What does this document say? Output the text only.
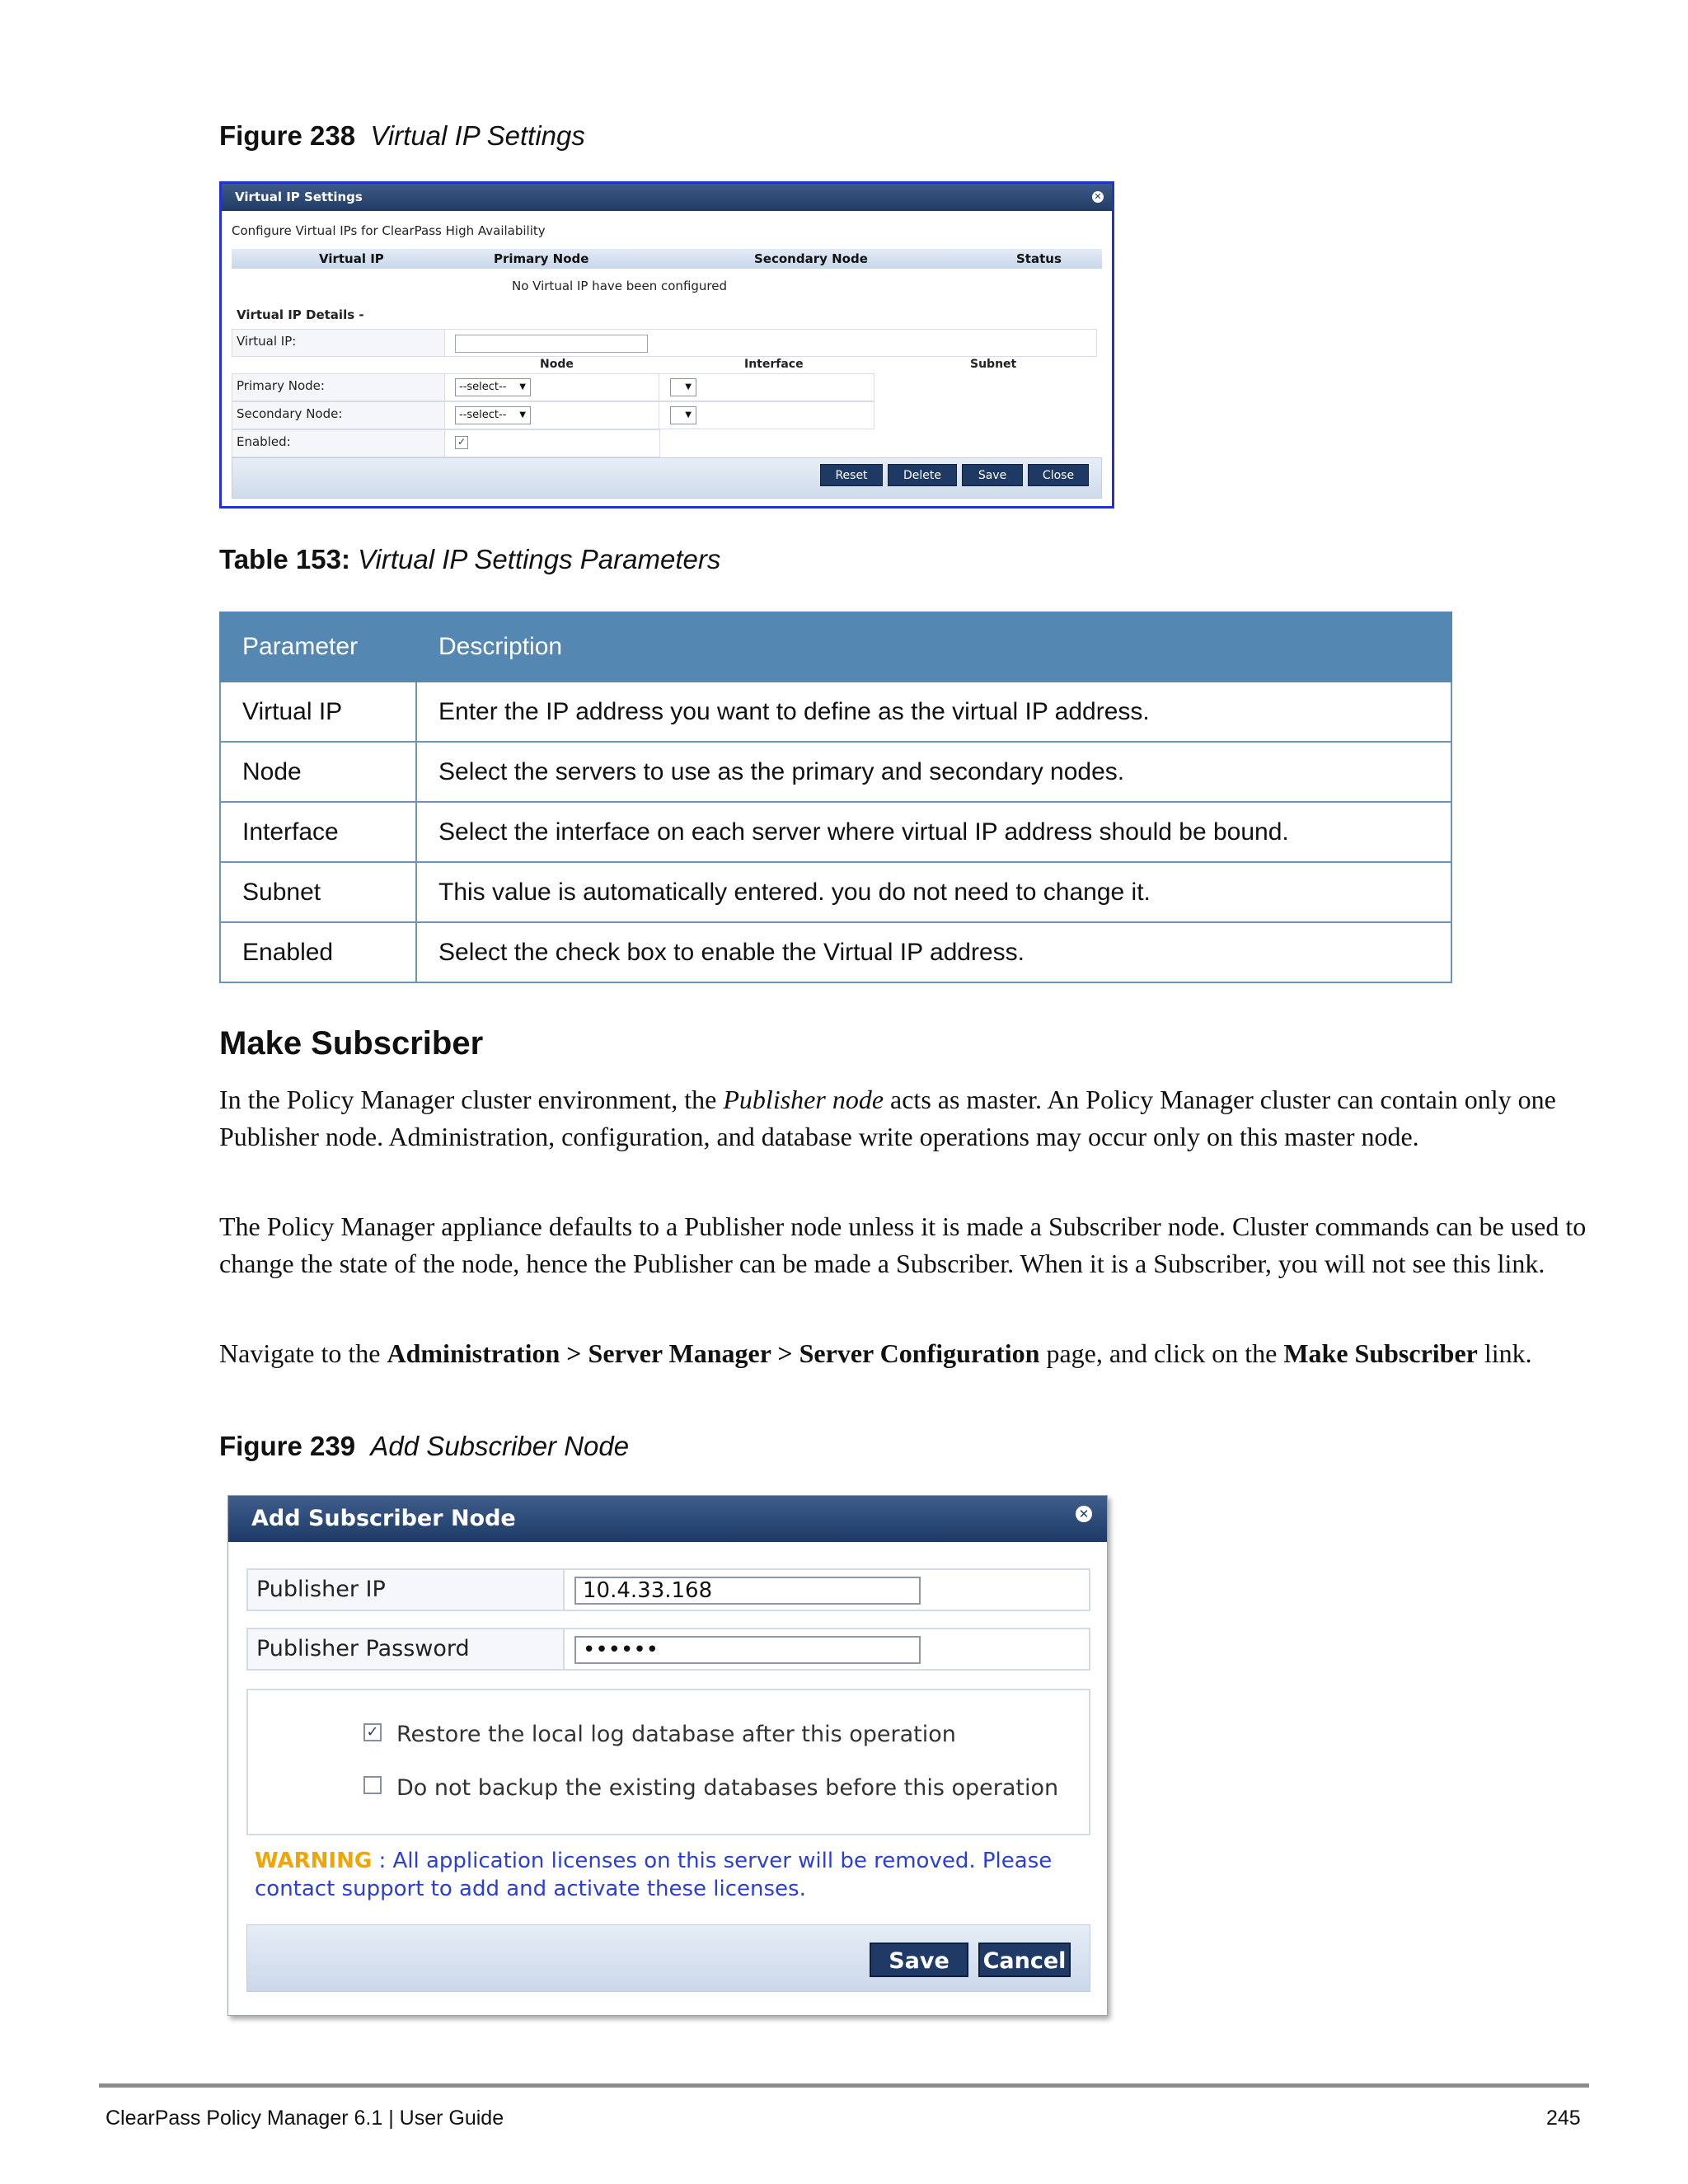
Figure 238 Virtual IP Settings
Virtual IP Settings	✕
Configure Virtual IPs for ClearPass High Availability
Virtual IP	Primary Node	Secondary Node	Status
No Virtual IP have been configured
Virtual IP Details -
Virtual IP:
Node	Interface	Subnet
Primary Node:	--select-- ▼	▼
Secondary Node:	--select-- ▼	▼
Enabled:	✓
Reset	Delete	Save	Close
Table 153: Virtual IP Settings Parameters
Parameter	Description
Virtual IP	Enter the IP address you want to define as the virtual IP address.
Node	Select the servers to use as the primary and secondary nodes.
Interface	Select the interface on each server where virtual IP address should be bound.
Subnet	This value is automatically entered. you do not need to change it.
Enabled	Select the check box to enable the Virtual IP address.
Make Subscriber
In the Policy Manager cluster environment, the Publisher node acts as master. An Policy Manager cluster can contain only one Publisher node. Administration, configuration, and database write operations may occur only on this master node.
The Policy Manager appliance defaults to a Publisher node unless it is made a Subscriber node. Cluster commands can be used to change the state of the node, hence the Publisher can be made a Subscriber. When it is a Subscriber, you will not see this link.
Navigate to the Administration > Server Manager > Server Configuration page, and click on the Make Subscriber link.
Figure 239 Add Subscriber Node
Add Subscriber Node	✕
Publisher IP	10.4.33.168
Publisher Password	••••••
✓ Restore the local log database after this operation
Do not backup the existing databases before this operation
WARNING : All application licenses on this server will be removed. Please contact support to add and activate these licenses.
Save	Cancel
ClearPass Policy Manager 6.1 | User Guide	245
